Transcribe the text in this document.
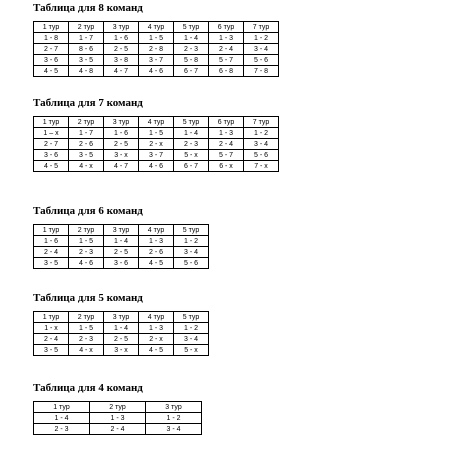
Таблица для 8 команд
1 тур	2 тур	3 тур	4 тур	5 тур	6 тур	7 тур
1 - 8	1 - 7	1 - 6	1 - 5	1 - 4	1 - 3	1 - 2
2 - 7	8 - 6	2 - 5	2 - 8	2 - 3	2 - 4	3 - 4
3 - 6	3 - 5	3 - 8	3 - 7	5 - 8	5 - 7	5 - 6
4 - 5	4 - 8	4 - 7	4 - 6	6 - 7	6 - 8	7 - 8
Таблица для 7 команд
1 тур	2 тур	3 тур	4 тур	5 тур	6 тур	7 тур
1 – x	1 - 7	1 - 6	1 - 5	1 - 4	1 - 3	1 - 2
2 - 7	2 - 6	2 - 5	2 - x	2 - 3	2 - 4	3 - 4
3 - 6	3 - 5	3 - x	3 - 7	5 - x	5 - 7	5 - 6
4 - 5	4 - x	4 - 7	4 - 6	6 - 7	6 - x	7 - x
Таблица для 6 команд
1 тур	2 тур	3 тур	4 тур	5 тур
1 - 6	1 - 5	1 - 4	1 - 3	1 - 2
2 - 4	2 - 3	2 - 5	2 - 6	3 - 4
3 - 5	4 - 6	3 - 6	4 - 5	5 - 6
Таблица для 5 команд
1 тур	2 тур	3 тур	4 тур	5 тур
1 - x	1 - 5	1 - 4	1 - 3	1 - 2
2 - 4	2 - 3	2 - 5	2 - x	3 - 4
3 - 5	4 - x	3 - x	4 - 5	5 - x
Таблица для 4 команд
1 тур	2 тур	3 тур
1 - 4	1 - 3	1 - 2
2 - 3	2 - 4	3 - 4
